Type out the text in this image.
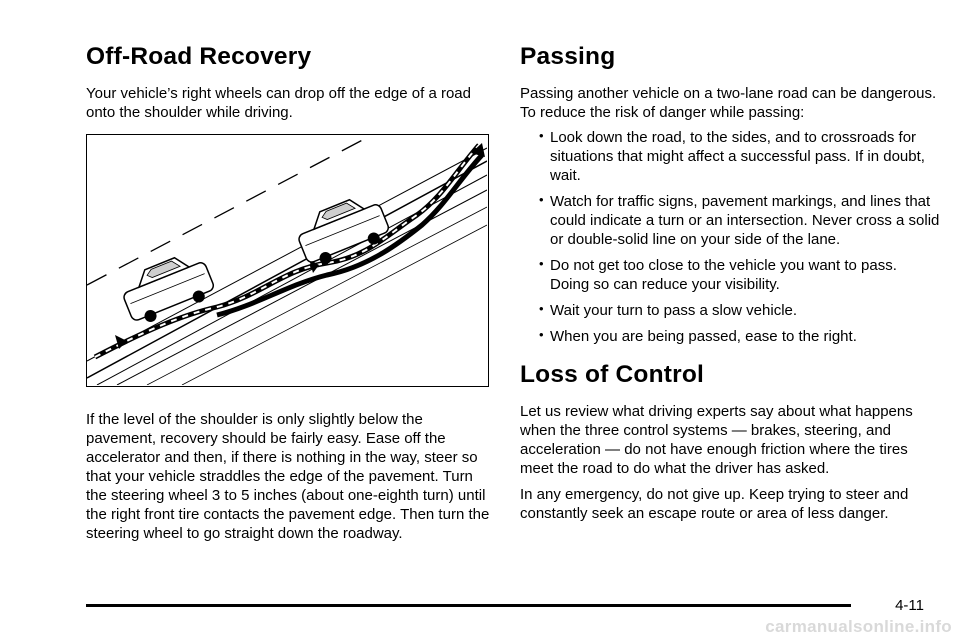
Off-Road Recovery

Your vehicle’s right wheels can drop off the edge of a road onto the shoulder while driving.

If the level of the shoulder is only slightly below the pavement, recovery should be fairly easy. Ease off the accelerator and then, if there is nothing in the way, steer so that your vehicle straddles the edge of the pavement. Turn the steering wheel 3 to 5 inches (about one-eighth turn) until the right front tire contacts the pavement edge. Then turn the steering wheel to go straight down the roadway.

Passing

Passing another vehicle on a two-lane road can be dangerous. To reduce the risk of danger while passing:

• Look down the road, to the sides, and to crossroads for situations that might affect a successful pass. If in doubt, wait.
• Watch for traffic signs, pavement markings, and lines that could indicate a turn or an intersection. Never cross a solid or double-solid line on your side of the lane.
• Do not get too close to the vehicle you want to pass. Doing so can reduce your visibility.
• Wait your turn to pass a slow vehicle.
• When you are being passed, ease to the right.
Loss of Control

Let us review what driving experts say about what happens when the three control systems — brakes, steering, and acceleration — do not have enough friction where the tires meet the road to do what the driver has asked.

In any emergency, do not give up. Keep trying to steer and constantly seek an escape route or area of less danger.

4-11
carmanualsonline.info
